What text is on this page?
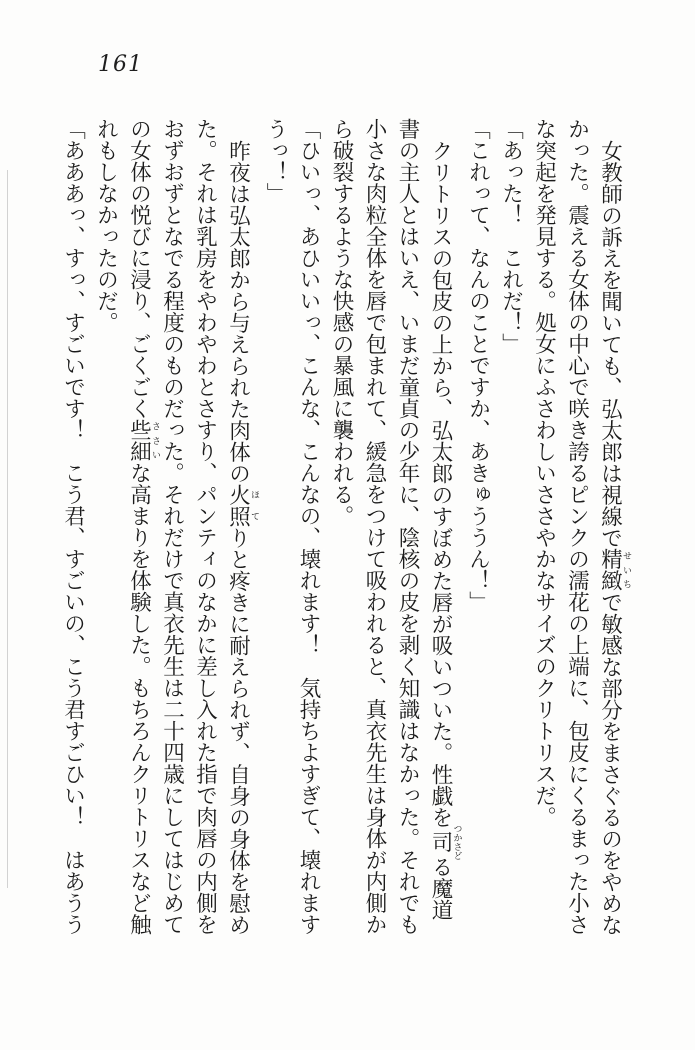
161

女教師の訴えを聞いても、弘太郎は視線で精緻せいちで敏感な部分をまさぐるのをやめなかった。震える女体の中心で咲き誇るピンクの濡花の上端に、包皮にくるまった小さな突起を発見する。処女にふさわしいささやかなサイズのクリトリスだ。

「あった！　これだ！」

「これって、なんのことですか、あきゅううん！」

クリトリスの包皮の上から、弘太郎のすぼめた唇が吸いついた。性戯を司つかさどる魔道書の主人とはいえ、いまだ童貞の少年に、陰核の皮を剥く知識はなかった。それでも小さな肉粒全体を唇で包まれて、緩急をつけて吸われると、真衣先生は身体が内側から破裂するような快感の暴風に襲われる。

「ひいっ、あひいいっ、こんな、こんなの、壊れます！　気持ちよすぎて、壊れますうっ！」

昨夜は弘太郎から与えられた肉体の火照ほてりと疼きに耐えられず、自身の身体を慰めた。それは乳房をやわやわとさすり、パンティのなかに差し入れた指で肉唇の内側をおずおずとなでる程度のものだった。それだけで真衣先生は二十四歳にしてはじめての女体の悦びに浸り、ごくごく些細ささいな高まりを体験した。もちろんクリトリスなど触れもしなかったのだ。

「あああっ、すっ、すごいです！　こう君、すごいの、こう君すごひい！　はあうう
